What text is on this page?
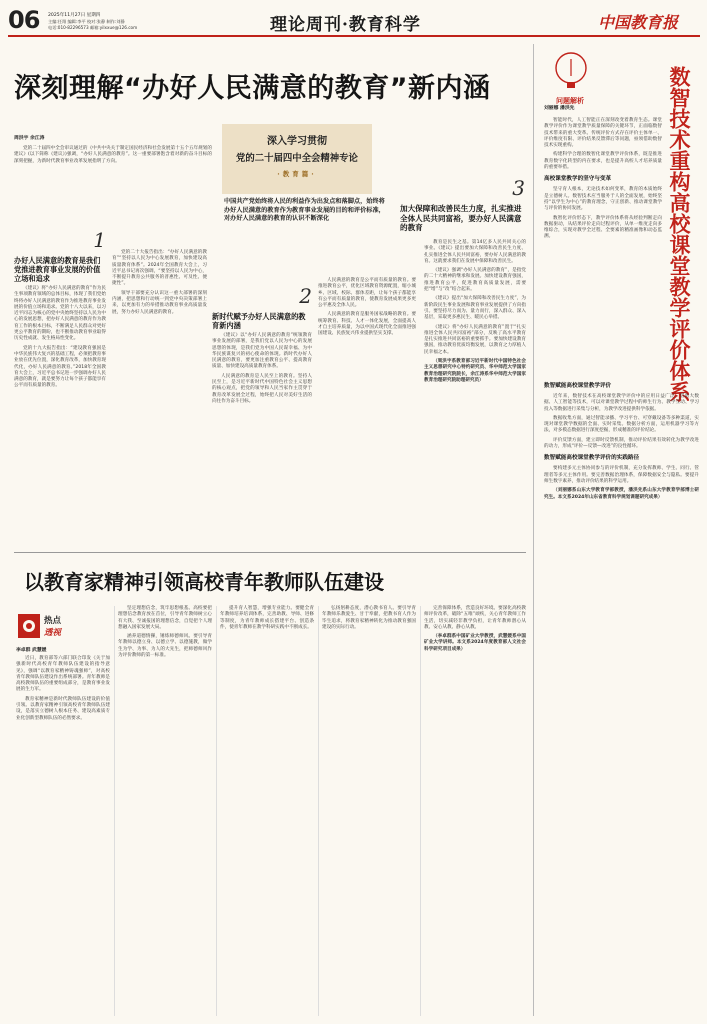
06 2025年11月27日 星期四
主编:任翔 编辑:李平 校对:张静 制作:刘静
电话:010-82296573 邮箱:yilxxue@126.com	理论周刊·教育科学	中国教育报
深刻理解“办好人民满意的教育”新内涵
周洪宇 余江涛	深入学习贯彻
党的二十届四中全会精神专论
·教育篇·

党的二十届四中全会审议通过的《中共中央关于制定国民经济和社会发展第十五个五年规划的建议》(以下简称《建议》)强调，“办好人民满意的教育”。这一重要部署饱含着对新的奋斗目标的深刻把握，为新时代教育事业改革发展指明了方向。

中国共产党始终将人民的利益作为出发点和落脚点，始终将办好人民满意的教育作为教育事业发展的目的和评价标准，对办好人民满意的教育的认识不断深化
1
办好人民满意的教育是我们党推进教育事业发展的价值立场和追求

《建议》将“办好人民满意的教育”作为民生事项教育领域的总体目标，体现了我们党始终将办好人民满意的教育作为推进教育事业发展的价值立场和追求。党的十八大以来，以习近平同志为核心的党中央始终坚持以人民为中心的发展思想，把办好人民满意的教育作为教育工作的根本目标，不断满足人民群众对更好更公平教育的期盼，也不断推动教育事业取得历史性成就、发生格局性变化。

党的十九大报告指出：“建设教育强国是中华民族伟大复兴的基础工程，必须把教育事业放在优先位置，深化教育改革，加快教育现代化，办好人民满意的教育。”2018年全国教育大会上，习近平总书记进一步强调办好人民满意的教育，就是要努力让每个孩子都能享有公平而有质量的教育。

党的二十大报告指出：“办好人民满意的教育”“坚持以人民为中心发展教育，加快建设高质量教育体系”。2024年全国教育大会上，习近平总书记再次强调，“要坚持以人民为中心，不断提升教育公共服务的普惠性、可及性、便捷性”。

领导干部要充分认识这一重大部署的深刻内涵，把思想和行动统一到党中央决策部署上来，以更加有力的举措推动教育事业高质量发展，努力办好人民满意的教育。

2
新时代赋予办好人民满意的教育新内涵

《建议》以“办好人民满意的教育”统领教育事业发展的部署，是我们党以人民为中心的发展思想的体现，是我们党为中国人民谋幸福、为中华民族谋复兴的初心使命的体现。新时代办好人民满意的教育，要更加注重教育公平、提高教育质量、加快建设高质量教育体系。

人民满意的教育是人民至上的教育。坚持人民至上，是习近平新时代中国特色社会主义思想的核心观点，把党的领导和人民当家作主贯穿于教育改革发展全过程，始终把人民对美好生活的向往作为奋斗目标。

人民满意的教育是公平而有质量的教育。要推进教育公平，优化区域教育资源配置，缩小城乡、区域、校际、群体差距，让每个孩子都能享有公平而有质量的教育，使教育发展成果更多更公平惠及全体人民。

人民满意的教育是服务国家战略的教育。要统筹教育、科技、人才一体化发展，全面提高人才自主培养质量，为以中国式现代化全面推进强国建设、民族复兴伟业提供坚实支撑。

3
加大保障和改善民生力度，扎实推进全体人民共同富裕，要办好人民满意的教育

教育是民生之基。第14亿多人民共同关心的事业。《建议》提出要加大保障和改善民生力度、扎实推进全体人民共同富裕，要办好人民满意的教育。这就要求我们在发展中保障和改善民生。

《建议》强调“办好人民满意的教育”，是指党的二十大精神的继承和发展。加快建设教育强国，推进教育公平，促进教育高质量发展，需要把“增”与“改”结合起来。

《建议》提出“加大保障和改善民生力度”，为新阶段民生事业发展和教育事业发展提供了方向指引。要坚持尽力而为、量力而行，深入群众、深入基层，采取更多惠民生、暖民心举措。

《建议》将“办好人民满意的教育”置于“扎实推进全体人民共同富裕”部分，反映了高水平教育是扎实推进共同富裕的重要抓手。要加快建设教育强国，推动教育优质均衡发展，以教育之力厚植人民幸福之本。

（周洪宇系教育部习近平新时代中国特色社会主义思想研究中心特约研究员、华中师范大学国家教育治理研究院院长，余江涛系华中师范大学国家教育治理研究院助理研究员）

问题解析
刘丽娜 潘洪先	数智技术重构高校课堂教学评价体系

智能时代，人工智能正在深刻改变着教育生态。课堂教学评价作为课堂教学质量保障的关键环节，正面临数智技术带来的重大变革。传统评价方式存在评价主体单一、评价维度有限、评价结果反馈滞后等问题，亟须借助数智技术实现重构。

构建科学合理的数智化课堂教学评价体系，既是推进教育数字化转型的内在要求，也是提升高校人才培养质量的重要举措。

高校课堂教学的坚守与变革

坚守育人根本，无论技术如何变革，教育的本质始终是立德树人。数智技术应当服务于人的全面发展，始终坚持“以学生为中心”的教育理念，守正创新、推动课堂教学与评价的协同发展。

数智化评价形态下，教学评价体系将从经验判断走向数据驱动，从结果评价走向过程评价，从单一维度走向多维综合，实现对教学全过程、全要素的精准画像和动态监测。

数智赋能高校课堂教学评价

近年来，数智技术在高校课堂教学评价中的应用日益广泛。借助大数据、人工智能等技术，可以对课堂教学过程中的师生行为、教学互动、学习投入等数据进行采集与分析，为教学改进提供科学依据。

数据收集方面，通过智能录播、学习平台、可穿戴设备等多种渠道，实现对课堂教学数据的全面、实时采集。数据分析方面，运用机器学习等方法，对多模态数据进行深度挖掘，形成精准的评价结论。

评价反馈方面，建立即时反馈机制，推动评价结果有效转化为教学改进的动力，形成“评价—反馈—改进”的良性循环。

数智赋能高校课堂教学评价的实践路径

要构建多元主体协同参与的评价机制，充分发挥教师、学生、同行、管理者等多元主体作用。要完善数据治理体系，保障数据安全与隐私。要提升师生数字素养，推动评价结果的科学运用。

（刘丽娜系山东大学教育学部教授，潘洪先系山东大学教育学部博士研究生。本文系2024年山东省教育科学规划课题研究成果）

以教育家精神引领高校青年教师队伍建设
热点
透视
李卓群 武慧媛

近日，教育部等六部门联合印发《关于加强新时代高校青年教师队伍建设的指导意见》，强调“以教育家精神铸魂强师”，对高校青年教师队伍建设作出系统部署。青年教师是高校教师队伍的重要组成部分，是教育事业发展的生力军。

教育家精神是新时代教师队伍建设的价值引领。以教育家精神引领高校青年教师队伍建设，是落实立德树人根本任务、建设高素质专业化创新型教师队伍的必然要求。

坚定理想信念，筑牢思想根基。高校要把理想信念教育放在首位，引导青年教师树立心有大我、至诚报国的理想信念，自觉把个人理想融入国家发展大局。

涵养道德情操，锤炼师德师风。要引导青年教师以德立身、以德立学、以德施教，做学生为学、为事、为人的大先生，把师德师风作为评价教师的第一标准。

提升育人智慧，增强专业能力。要健全青年教师培养培训体系，完善助教、导师、进修等制度，为青年教师成长搭建平台、创造条件，使青年教师在教学科研实践中不断成长。

弘扬躬耕态度，潜心教书育人。要引导青年教师乐教爱生、甘于奉献，把教书育人作为毕生追求，将教育家精神转化为推动教育强国建设的实际行动。

完善保障体系，营造良好环境。要深化高校教师评价改革，破除“五唯”顽疾，关心青年教师工作生活，切实减轻非教学负担，让青年教师潜心从教、安心从教、静心从教。

（李卓群系中国矿业大学教授，武慧媛系中国矿业大学讲师。本文系2024年度教育部人文社会科学研究项目成果）
